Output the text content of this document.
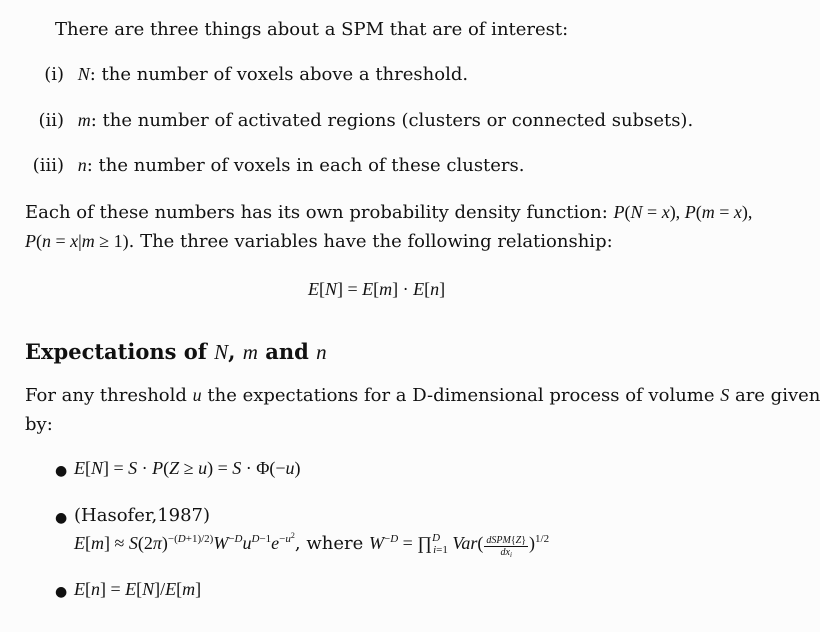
There are three things about a SPM that are of interest:
(i) N: the number of voxels above a threshold.
(ii) m: the number of activated regions (clusters or connected subsets).
(iii) n: the number of voxels in each of these clusters.
Each of these numbers has its own probability density function: P(N = x), P(m = x),
P(n = x|m ≥ 1). The three variables have the following relationship:
E[N] = E[m] · E[n]
Expectations of N, m and n
For any threshold u the expectations for a D-dimensional process of volume S are given
by:
● E[N] = S · P(Z ≥ u) = S · Φ(−u)
● (Hasofer,1987)
$E[m] \approx S(2\pi)^{-(D+1)/2)}W^{-D}u^{D-1}e^{-u^2}$, where $W^{-D}$ = ∏$^D_{i=1}$ $Var( \frac{\text{dSPM\{Z\}}}{dx_i} )^{1/2}$
● E[n] = E[N]/E[m]
